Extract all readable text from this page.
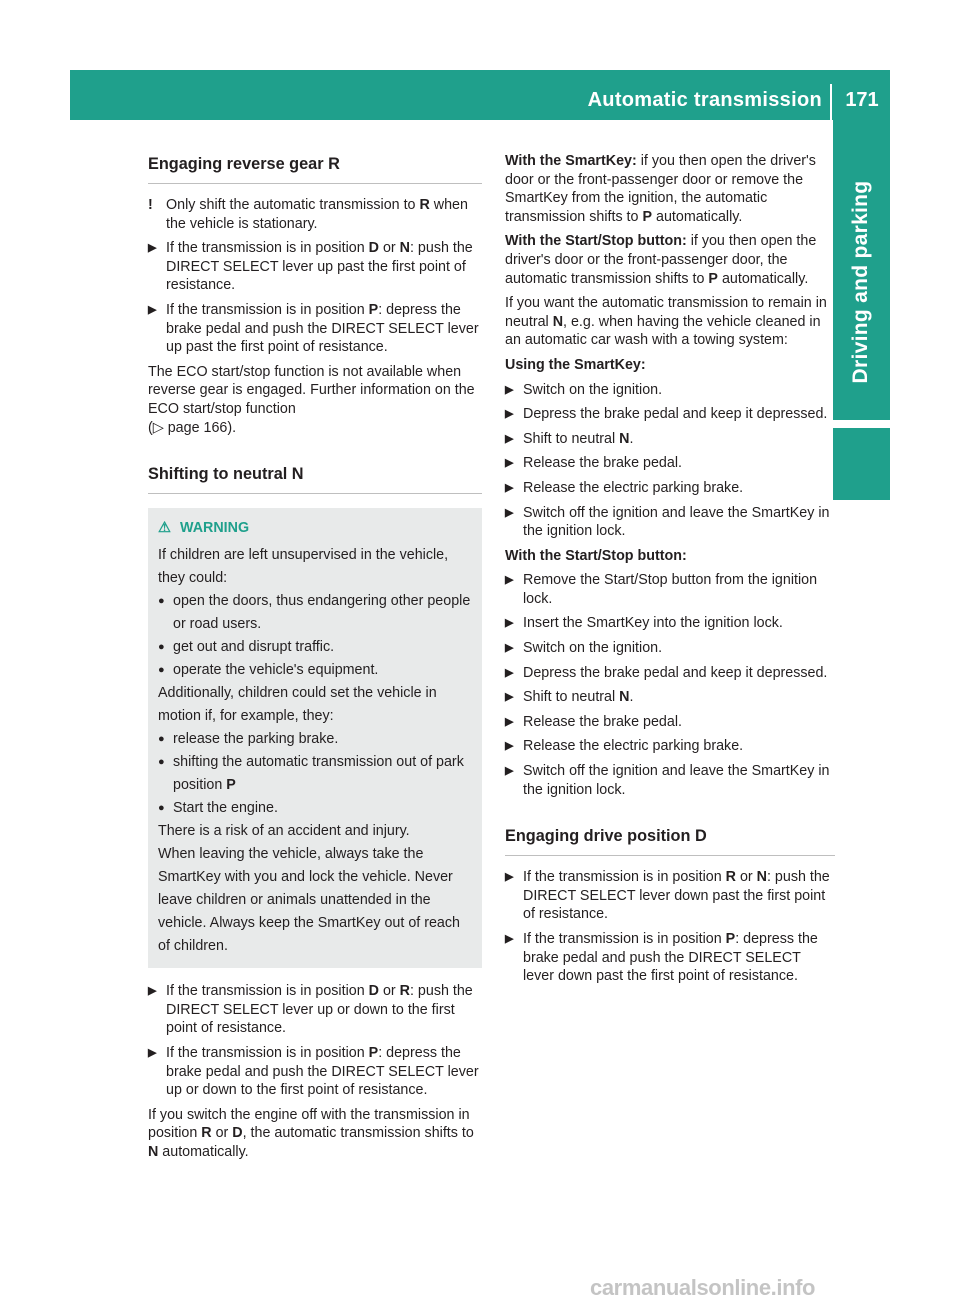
Automatic transmission	171
Driving and parking
Engaging reverse gear R
! Only shift the automatic transmission to R when the vehicle is stationary.
▶ If the transmission is in position D or N: push the DIRECT SELECT lever up past the first point of resistance.
▶ If the transmission is in position P: depress the brake pedal and push the DIRECT SELECT lever up past the first point of resistance.

The ECO start/stop function is not available when reverse gear is engaged. Further information on the ECO start/stop function
(▷ page 166).

Shifting to neutral N
⚠ WARNING

If children are left unsupervised in the vehicle, they could:

● open the doors, thus endangering other people or road users.
● get out and disrupt traffic.
● operate the vehicle's equipment.

Additionally, children could set the vehicle in motion if, for example, they:

● release the parking brake.
● shifting the automatic transmission out of park position P
● Start the engine.

There is a risk of an accident and injury.

When leaving the vehicle, always take the SmartKey with you and lock the vehicle. Never leave children or animals unattended in the vehicle. Always keep the SmartKey out of reach of children.

▶ If the transmission is in position D or R: push the DIRECT SELECT lever up or down to the first point of resistance.
▶ If the transmission is in position P: depress the brake pedal and push the DIRECT SELECT lever up or down to the first point of resistance.

If you switch the engine off with the transmission in position R or D, the automatic transmission shifts to N automatically.

With the SmartKey: if you then open the driver's door or the front-passenger door or remove the SmartKey from the ignition, the automatic transmission shifts to P automatically.

With the Start/Stop button: if you then open the driver's door or the front-passenger door, the automatic transmission shifts to P automatically.

If you want the automatic transmission to remain in neutral N, e.g. when having the vehicle cleaned in an automatic car wash with a towing system:

Using the SmartKey:

▶ Switch on the ignition.
▶ Depress the brake pedal and keep it depressed.
▶ Shift to neutral N.
▶ Release the brake pedal.
▶ Release the electric parking brake.
▶ Switch off the ignition and leave the SmartKey in the ignition lock.

With the Start/Stop button:

▶ Remove the Start/Stop button from the ignition lock.
▶ Insert the SmartKey into the ignition lock.
▶ Switch on the ignition.
▶ Depress the brake pedal and keep it depressed.
▶ Shift to neutral N.
▶ Release the brake pedal.
▶ Release the electric parking brake.
▶ Switch off the ignition and leave the SmartKey in the ignition lock.
Engaging drive position D
▶ If the transmission is in position R or N: push the DIRECT SELECT lever down past the first point of resistance.
▶ If the transmission is in position P: depress the brake pedal and push the DIRECT SELECT lever down past the first point of resistance.
carmanualsonline.info
